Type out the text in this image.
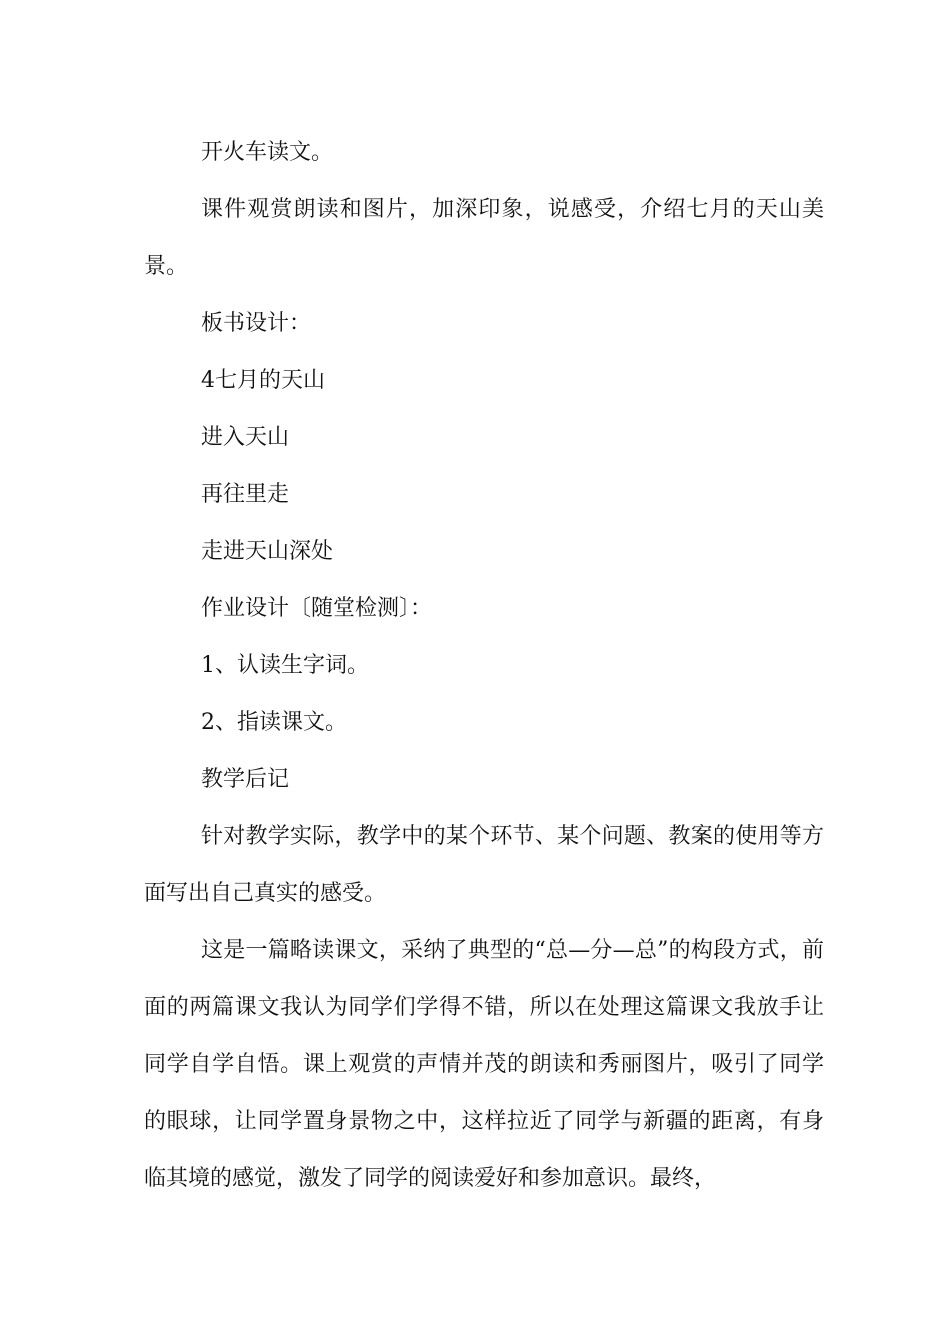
开火车读文。

课件观赏朗读和图片，加深印象，说感受，介绍七月的天山美景。

板书设计：

4七月的天山

进入天山

再往里走

走进天山深处

作业设计〔随堂检测〕：

1、认读生字词。

2、指读课文。

教学后记

针对教学实际，教学中的某个环节、某个问题、教案的使用等方面写出自己真实的感受。

这是一篇略读课文，采纳了典型的“总—分—总”的构段方式，前面的两篇课文我认为同学们学得不错，所以在处理这篇课文我放手让同学自学自悟。课上观赏的声情并茂的朗读和秀丽图片，吸引了同学的眼球，让同学置身景物之中，这样拉近了同学与新疆的距离，有身临其境的感觉，激发了同学的阅读爱好和参加意识。最终，
